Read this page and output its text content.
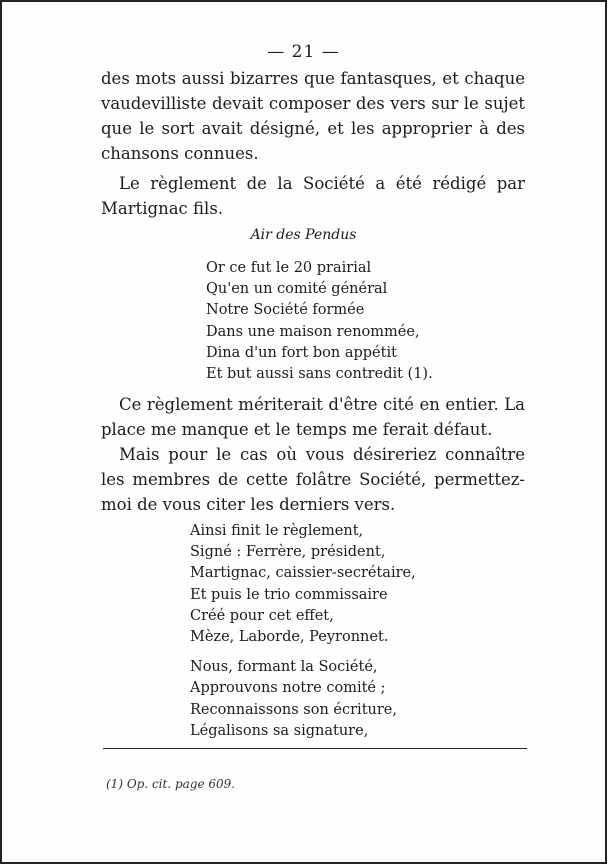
— 21 —

des mots aussi bizarres que fantasques, et chaque vaudevilliste devait composer des vers sur le sujet que le sort avait désigné, et les approprier à des chansons connues.

Le règlement de la Société a été rédigé par Martignac fils.

Air des Pendus
Or ce fut le 20 prairial
Qu'en un comité général
Notre Société formée
Dans une maison renommée,
Dina d'un fort bon appétit
Et but aussi sans contredit (1).

Ce règlement mériterait d'être cité en entier. La place me manque et le temps me ferait défaut.

Mais pour le cas où vous désireriez connaître les membres de cette folâtre Société, permettez-moi de vous citer les derniers vers.

Ainsi finit le règlement,
Signé : Ferrère, président,
Martignac, caissier-secrétaire,
Et puis le trio commissaire
Créé pour cet effet,
Mèze, Laborde, Peyronnet.
Nous, formant la Société,
Approuvons notre comité ;
Reconnaissons son écriture,
Légalisons sa signature,
(1) Op. cit. page 609.
